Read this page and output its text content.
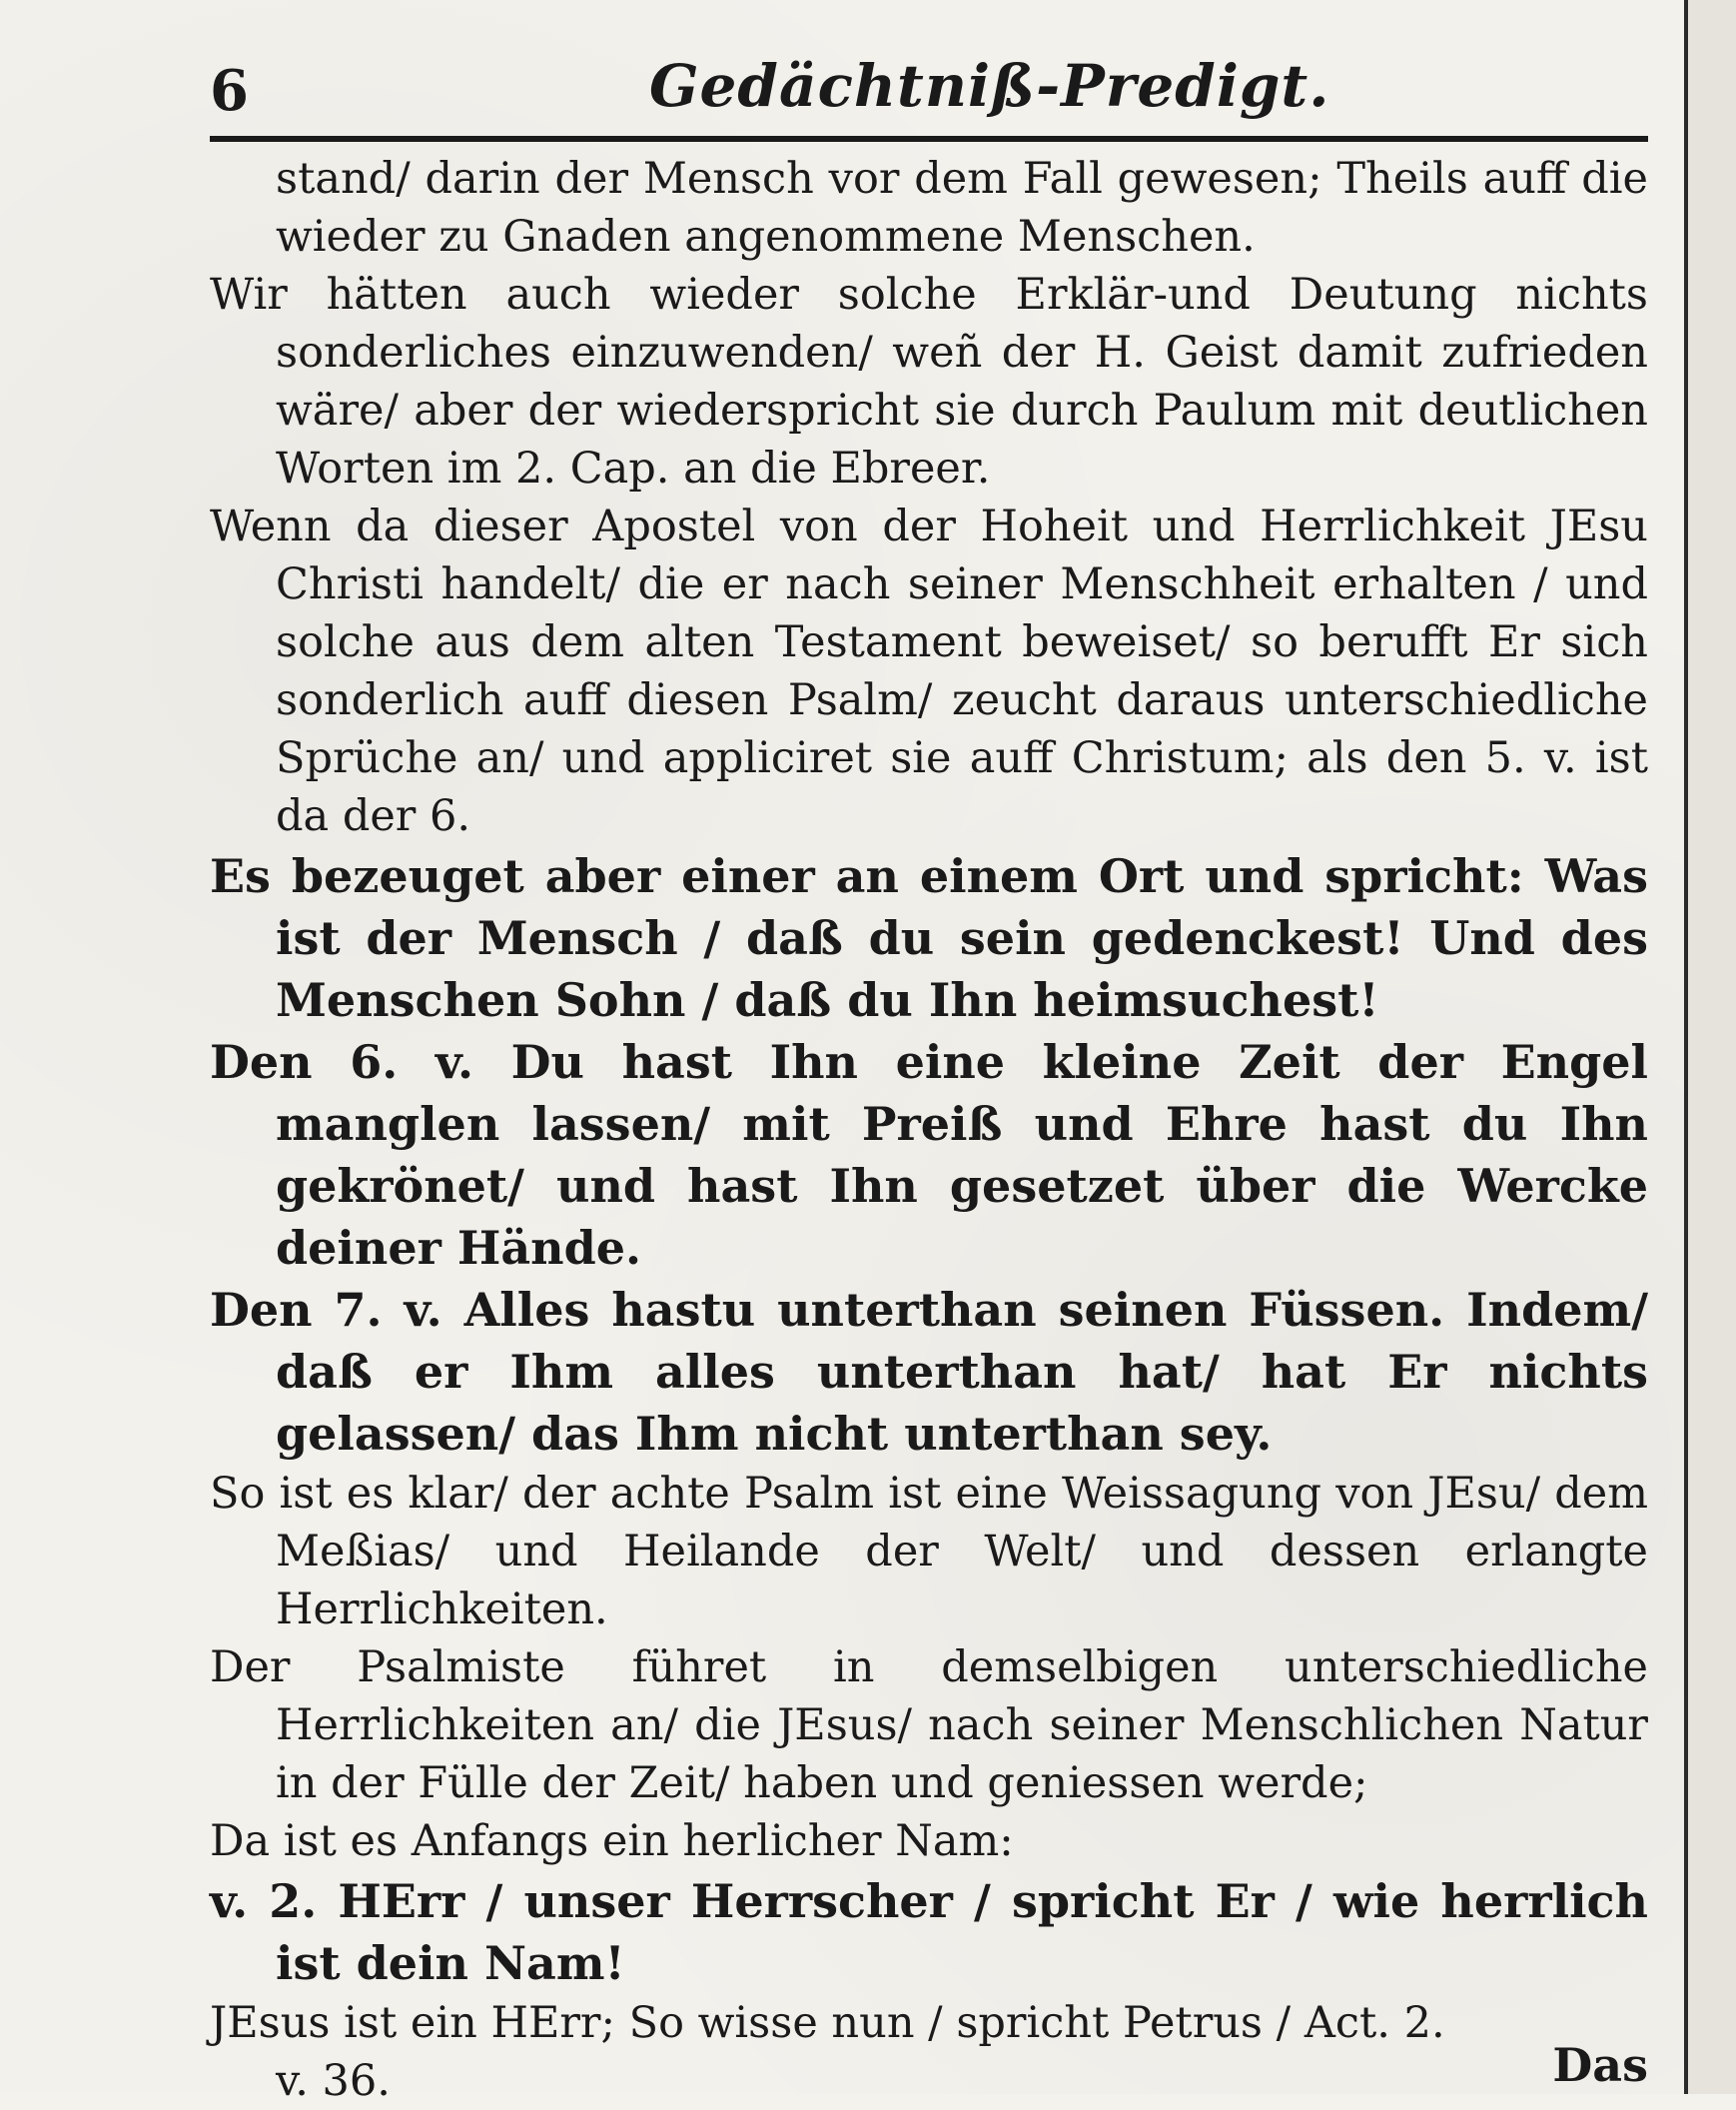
6	Gedächtniß-Predigt.

stand/ darin der Mensch vor dem Fall gewesen; Theils auff die wieder zu Gnaden angenommene Menschen.

Wir hätten auch wieder solche Erklär-und Deutung nichts sonderliches einzuwenden/ weñ der H. Geist damit zufrieden wäre/ aber der wiederspricht sie durch Paulum mit deutlichen Worten im 2. Cap. an die Ebreer.

Wenn da dieser Apostel von der Hoheit und Herrlichkeit JEsu Christi handelt/ die er nach seiner Menschheit erhalten / und solche aus dem alten Testament beweiset/ so berufft Er sich sonderlich auff diesen Psalm/ zeucht daraus unterschiedliche Sprüche an/ und appliciret sie auff Christum; als den 5. v. ist da der 6.

Es bezeuget aber einer an einem Ort und spricht: Was ist der Mensch / daß du sein gedenckest! Und des Menschen Sohn / daß du Ihn heimsuchest!

Den 6. v. Du hast Ihn eine kleine Zeit der Engel manglen lassen/ mit Preiß und Ehre hast du Ihn gekrönet/ und hast Ihn gesetzet über die Wercke deiner Hände.

Den 7. v. Alles hastu unterthan seinen Füssen. Indem/ daß er Ihm alles unterthan hat/ hat Er nichts gelassen/ das Ihm nicht unterthan sey.

So ist es klar/ der achte Psalm ist eine Weissagung von JEsu/ dem Meßias/ und Heilande der Welt/ und dessen erlangte Herrlichkeiten.

Der Psalmiste führet in demselbigen unterschiedliche Herrlichkeiten an/ die JEsus/ nach seiner Menschlichen Natur in der Fülle der Zeit/ haben und geniessen werde;

Da ist es Anfangs ein herlicher Nam:

v. 2. HErr / unser Herrscher / spricht Er / wie herrlich ist dein Nam!

JEsus ist ein HErr; So wisse nun / spricht Petrus / Act. 2.

v. 36.	Das
